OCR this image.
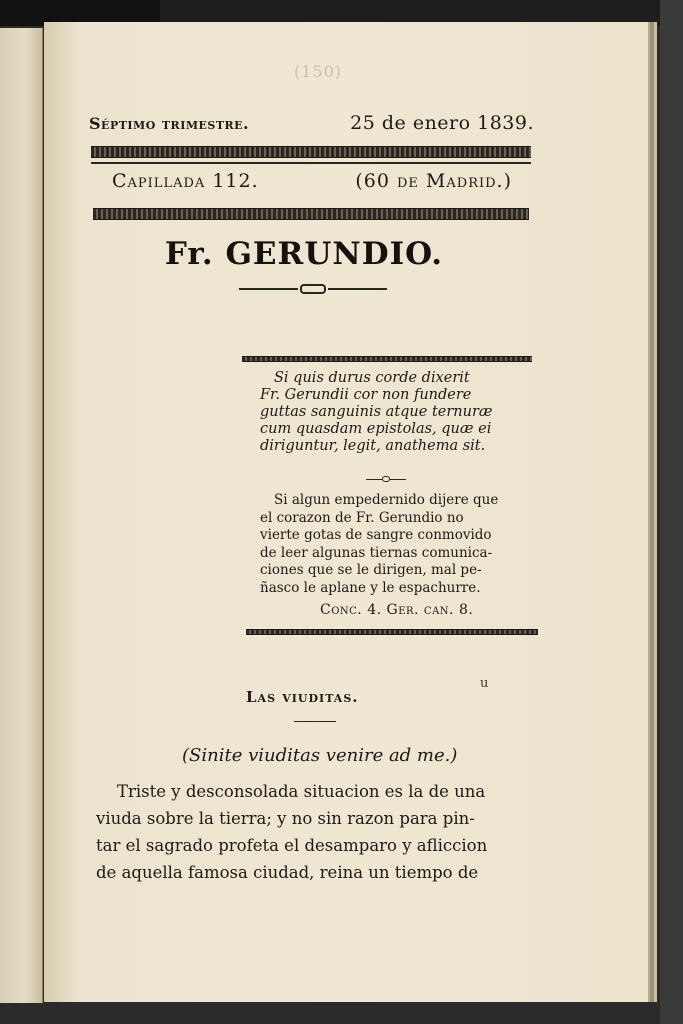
(150)
Séptimo trimestre.	25 de enero 1839.
Capillada 112.	(60 de Madrid.)
Fr. GERUNDIO.
Si quis durus corde dixerit
Fr. Gerundii cor non fundere
guttas sanguinis atque ternuræ
cum quasdam epistolas, quæ ei
diriguntur, legit, anathema sit.
Si algun empedernido dijere que
el corazon de Fr. Gerundio no
vierte gotas de sangre conmovido
de leer algunas tiernas comunica-
ciones que se le dirigen, mal pe-
ñasco le aplane y le espachurre.
Conc. 4. Ger. can. 8.
Las viuditas.
u
(Sinite viuditas venire ad me.)
Triste y desconsolada situacion es la de una
viuda sobre la tierra; y no sin razon para pin-
tar el sagrado profeta el desamparo y afliccion
de aquella famosa ciudad, reina un tiempo de
